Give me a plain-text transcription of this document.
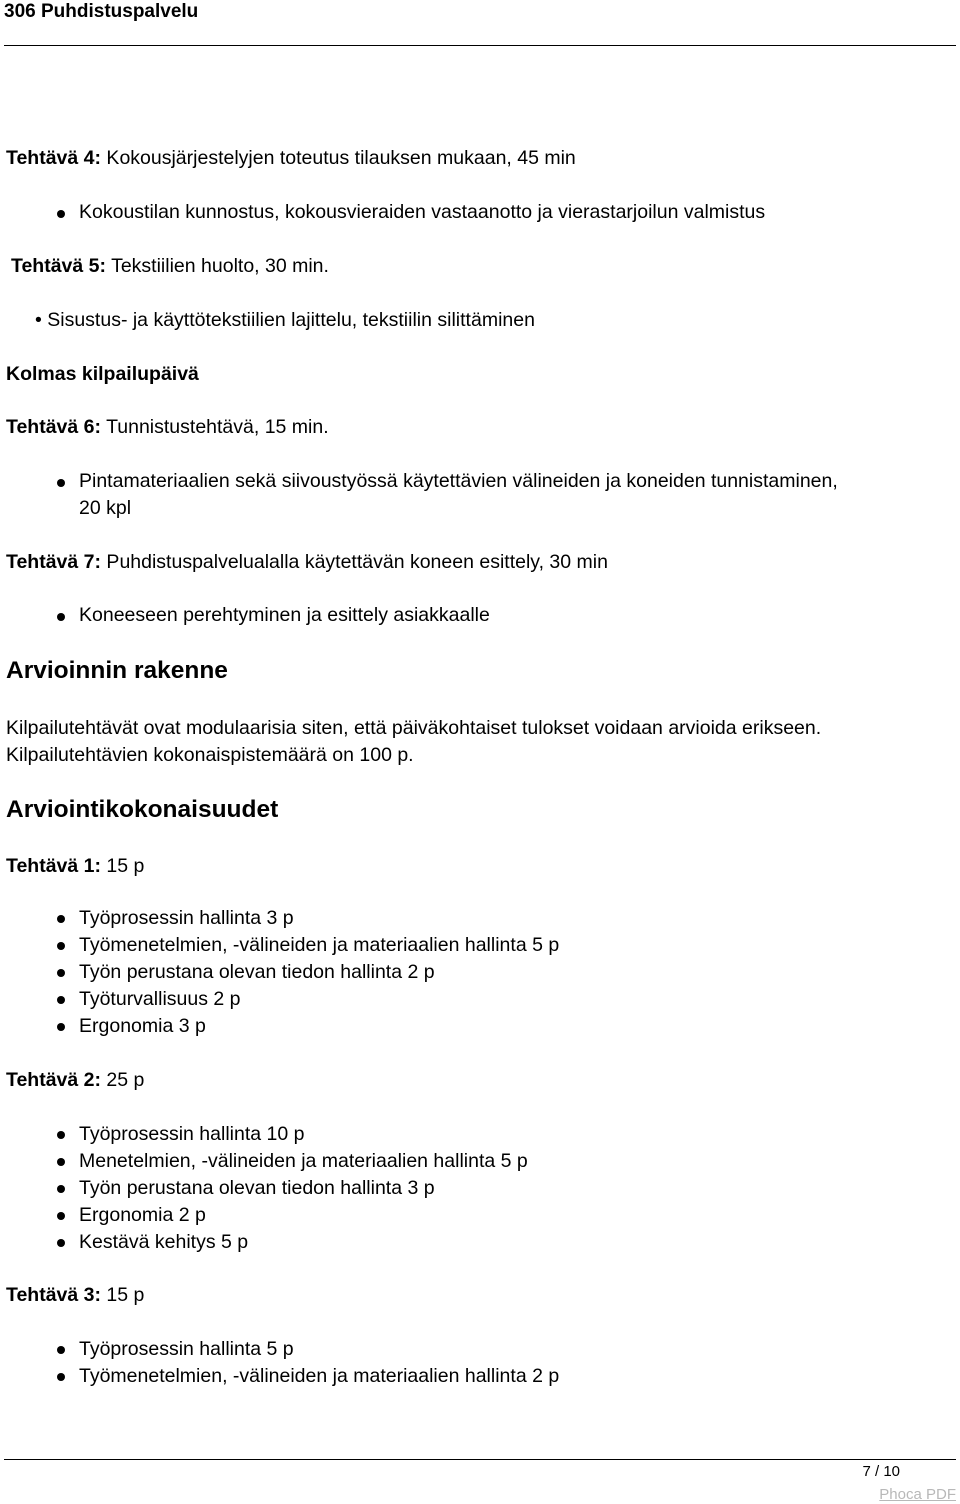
306 Puhdistuspalvelu
Tehtävä 4: Kokousjärjestelyjen toteutus tilauksen mukaan, 45 min
Kokoustilan kunnostus, kokousvieraiden vastaanotto ja vierastarjoilun valmistus
Tehtävä 5: Tekstiilien huolto, 30 min.
• Sisustus- ja käyttötekstiilien lajittelu, tekstiilin silittäminen
Kolmas kilpailupäivä
Tehtävä 6: Tunnistustehtävä, 15 min.
Pintamateriaalien sekä siivoustyössä käytettävien välineiden ja koneiden tunnistaminen,
20 kpl
Tehtävä 7: Puhdistuspalvelualalla käytettävän koneen esittely, 30 min
Koneeseen perehtyminen ja esittely asiakkaalle
Arvioinnin rakenne
Kilpailutehtävät ovat modulaarisia siten, että päiväkohtaiset tulokset voidaan arvioida erikseen.
Kilpailutehtävien kokonaispistemäärä on 100 p.
Arviointikokonaisuudet
Tehtävä 1: 15 p
Työprosessin hallinta 3 p
Työmenetelmien, -välineiden ja materiaalien hallinta 5 p
Työn perustana olevan tiedon hallinta 2 p
Työturvallisuus 2 p
Ergonomia 3 p
Tehtävä 2: 25 p
Työprosessin hallinta 10 p
Menetelmien, -välineiden ja materiaalien hallinta 5 p
Työn perustana olevan tiedon hallinta 3 p
Ergonomia 2 p
Kestävä kehitys 5 p
Tehtävä 3: 15 p
Työprosessin hallinta 5 p
Työmenetelmien, -välineiden ja materiaalien hallinta 2 p
7 / 10
Phoca PDF
